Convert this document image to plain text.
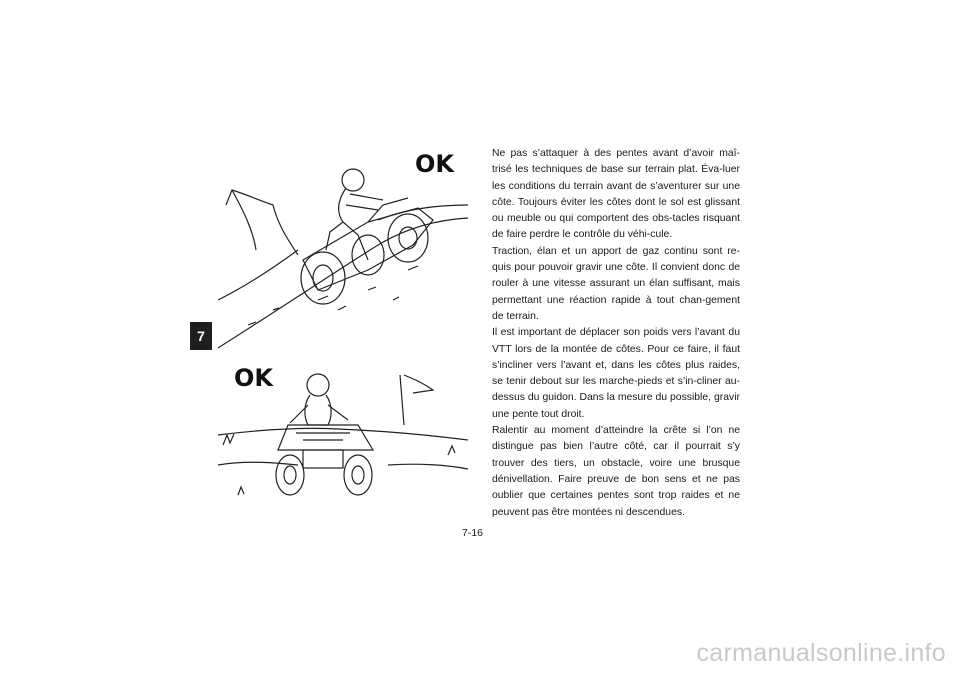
7
OK
OK

Ne pas s’attaquer à des pentes avant d’avoir maî-trisé les techniques de base sur terrain plat. Éva-luer les conditions du terrain avant de s’aventurer sur une côte. Toujours éviter les côtes dont le sol est glissant ou meuble ou qui comportent des obs-tacles risquant de faire perdre le contrôle du véhi-cule.

Traction, élan et un apport de gaz continu sont re-quis pour pouvoir gravir une côte. Il convient donc de rouler à une vitesse assurant un élan suffisant, mais permettant une réaction rapide à tout chan-gement de terrain.

Il est important de déplacer son poids vers l’avant du VTT lors de la montée de côtes. Pour ce faire, il faut s’incliner vers l’avant et, dans les côtes plus raides, se tenir debout sur les marche-pieds et s’in-cliner au-dessus du guidon. Dans la mesure du possible, gravir une pente tout droit.

Ralentir au moment d’atteindre la crête si l’on ne distingue pas bien l’autre côté, car il pourrait s’y trouver des tiers, un obstacle, voire une brusque dénivellation. Faire preuve de bon sens et ne pas oublier que certaines pentes sont trop raides et ne peuvent pas être montées ni descendues.

7-16
carmanualsonline.info
